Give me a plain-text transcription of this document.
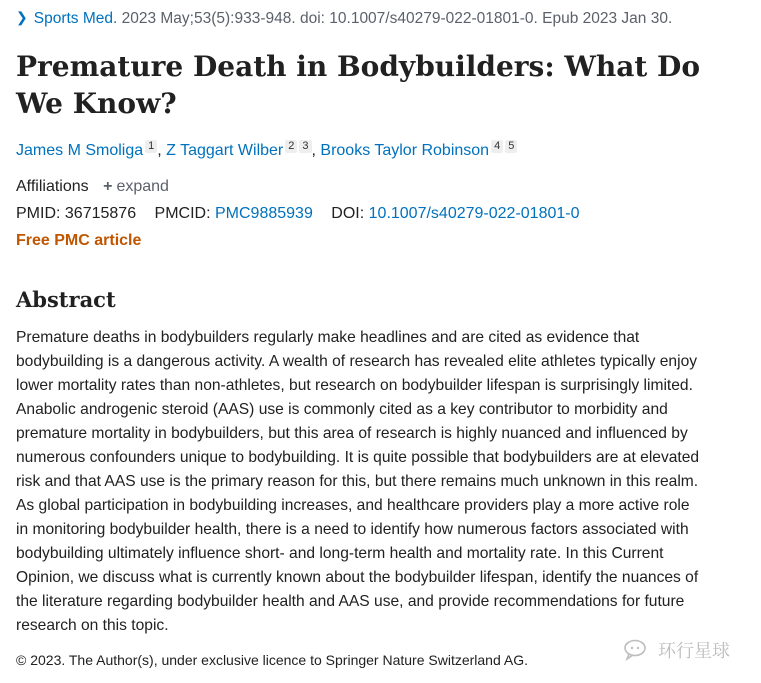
❯ Sports Med. 2023 May;53(5):933-948. doi: 10.1007/s40279-022-01801-0. Epub 2023 Jan 30.
Premature Death in Bodybuilders: What Do We Know?
James M Smoliga $^1$ , Z Taggart Wilber $^2$ $^3$ , Brooks Taylor Robinson $^4$ $^5$
Affiliations + expand
PMID: 36715876 PMCID: PMC9885939 DOI: 10.1007/s40279-022-01801-0
Free PMC article
Abstract
Premature deaths in bodybuilders regularly make headlines and are cited as evidence that
bodybuilding is a dangerous activity. A wealth of research has revealed elite athletes typically enjoy
lower mortality rates than non-athletes, but research on bodybuilder lifespan is surprisingly limited.
Anabolic androgenic steroid (AAS) use is commonly cited as a key contributor to morbidity and
premature mortality in bodybuilders, but this area of research is highly nuanced and influenced by
numerous confounders unique to bodybuilding. It is quite possible that bodybuilders are at elevated
risk and that AAS use is the primary reason for this, but there remains much unknown in this realm.
As global participation in bodybuilding increases, and healthcare providers play a more active role
in monitoring bodybuilder health, there is a need to identify how numerous factors associated with
bodybuilding ultimately influence short- and long-term health and mortality rate. In this Current
Opinion, we discuss what is currently known about the bodybuilder lifespan, identify the nuances of
the literature regarding bodybuilder health and AAS use, and provide recommendations for future
research on this topic.
© 2023. The Author(s), under exclusive licence to Springer Nature Switzerland AG.	环行星球
